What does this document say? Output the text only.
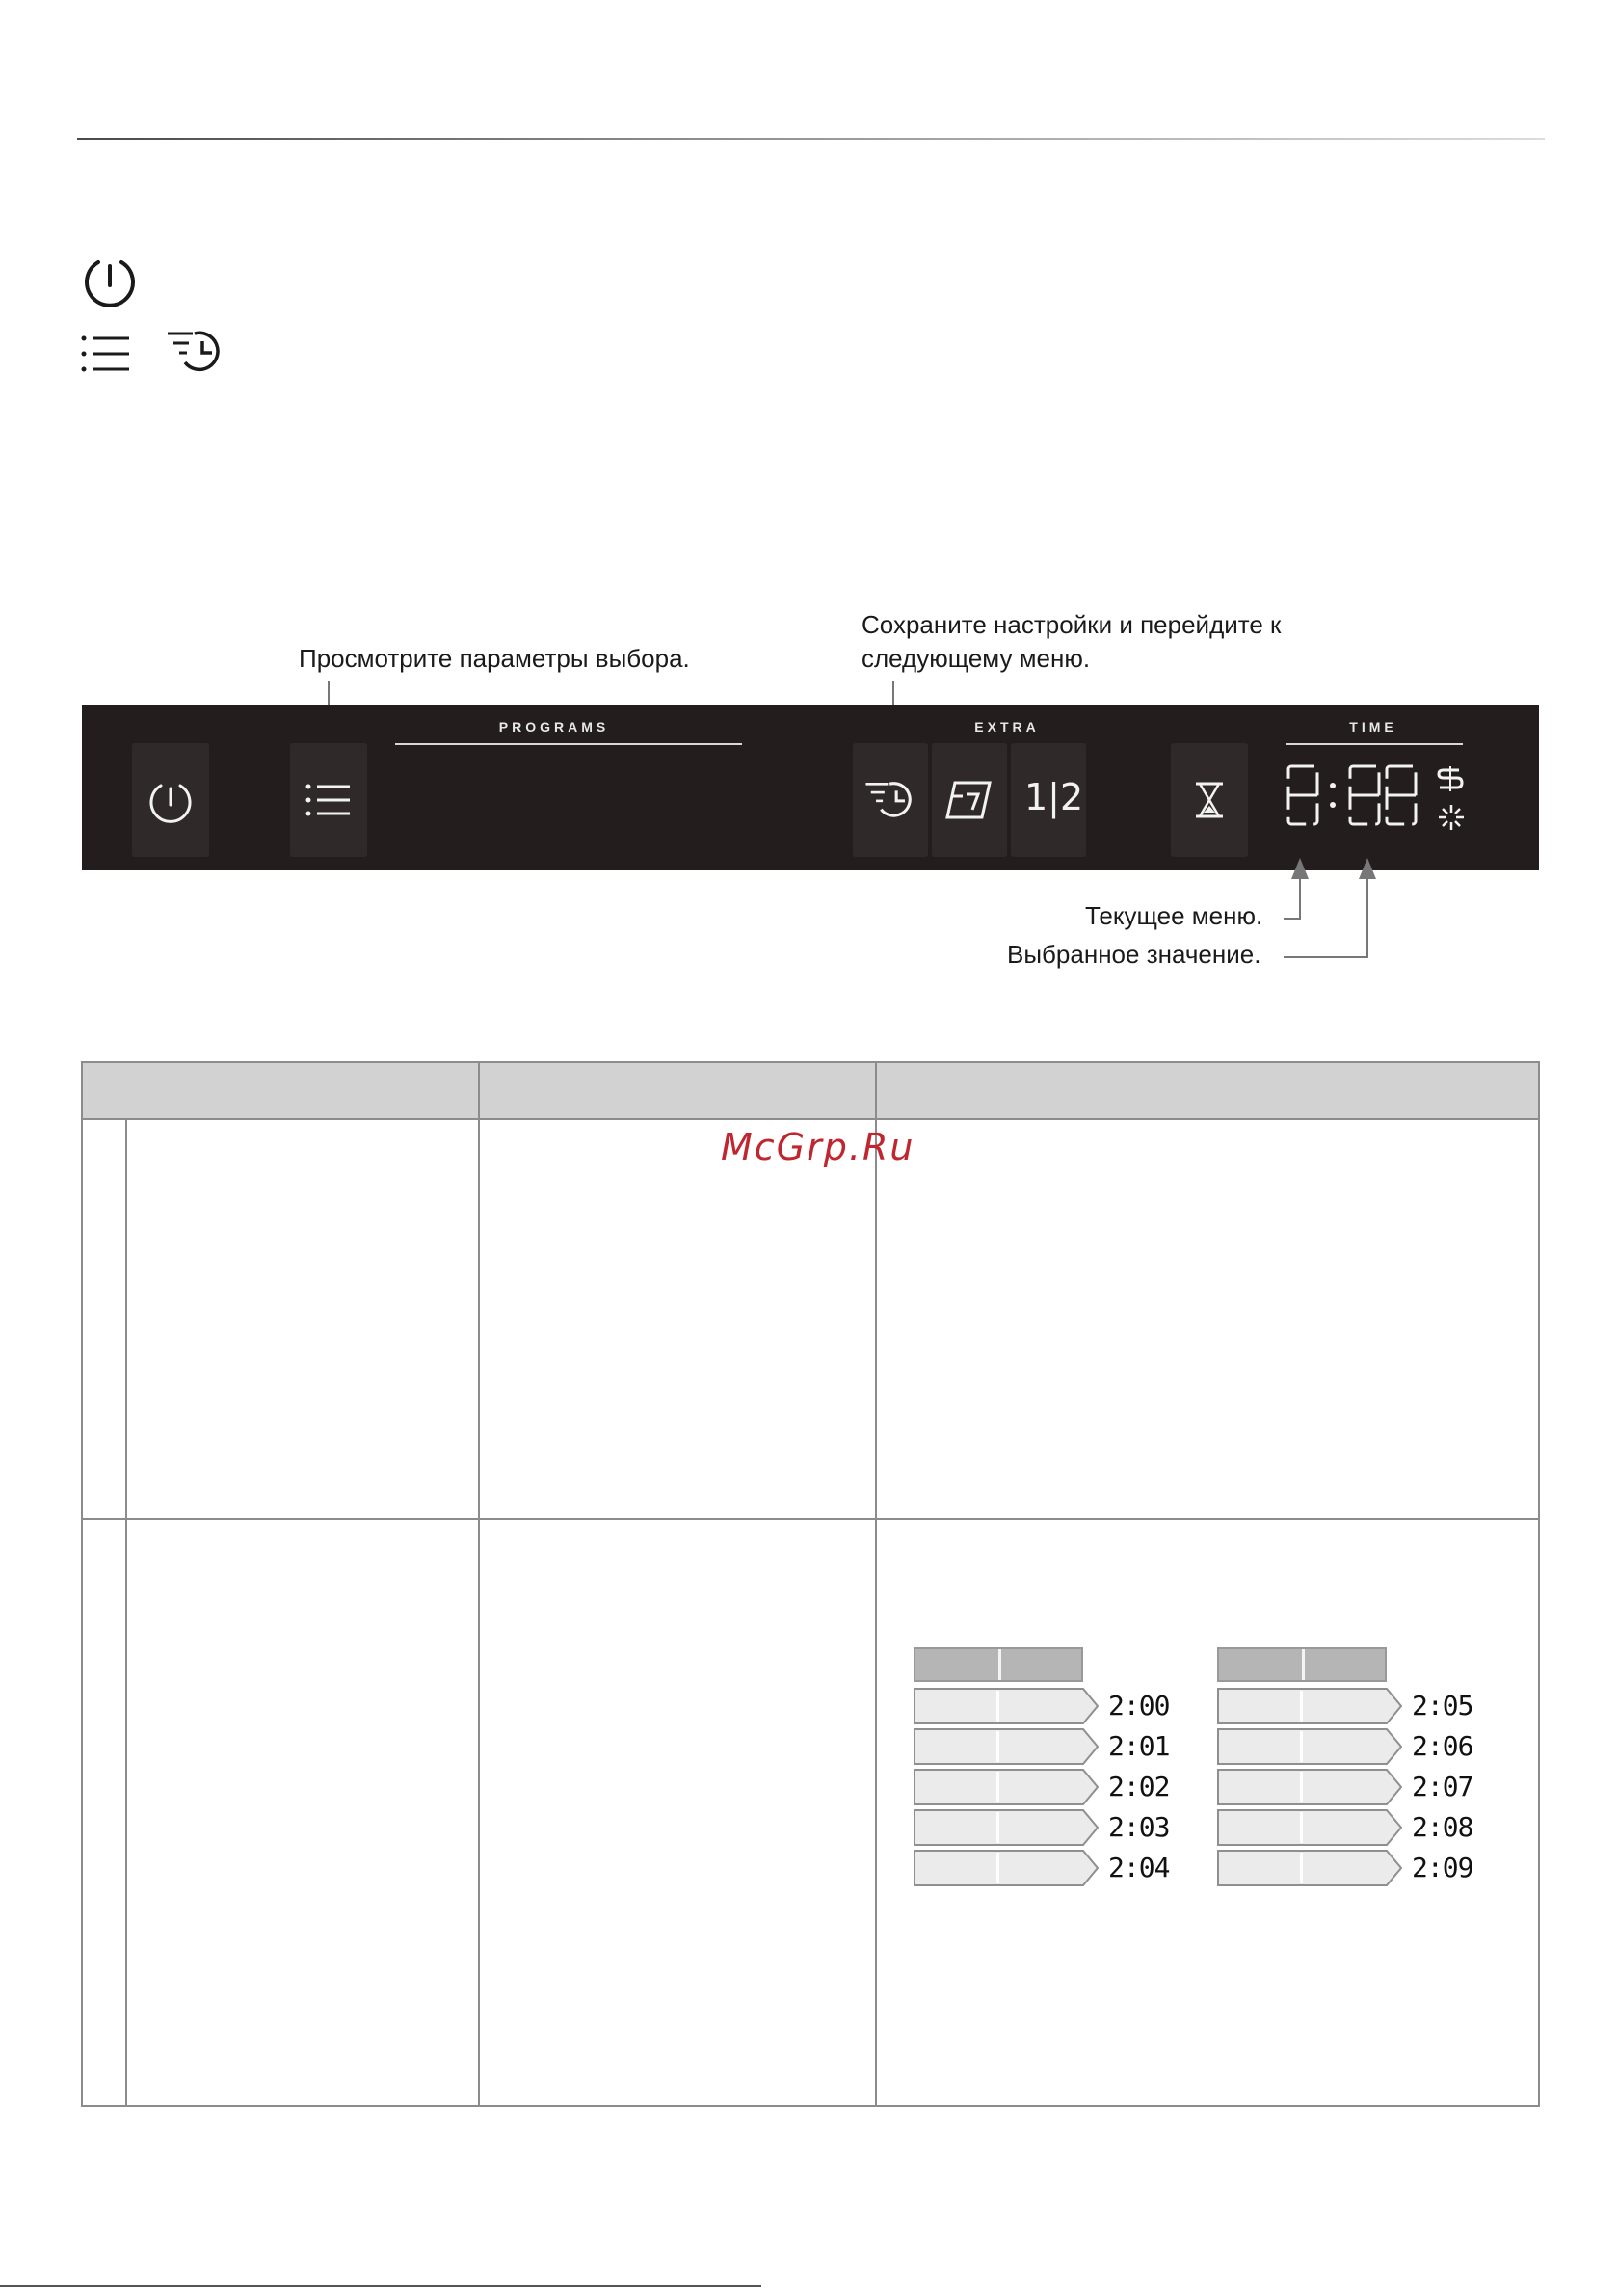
Просмотрите параметры выбора.
Сохраните настройки и перейдите к
следующему меню.
PROGRAMS	EXTRA
1|2
TIME
Текущее меню.
Выбранное значение.

McGrp.Ru
2:00
2:01
2:02
2:03
2:04
2:05
2:06
2:07
2:08
2:09
